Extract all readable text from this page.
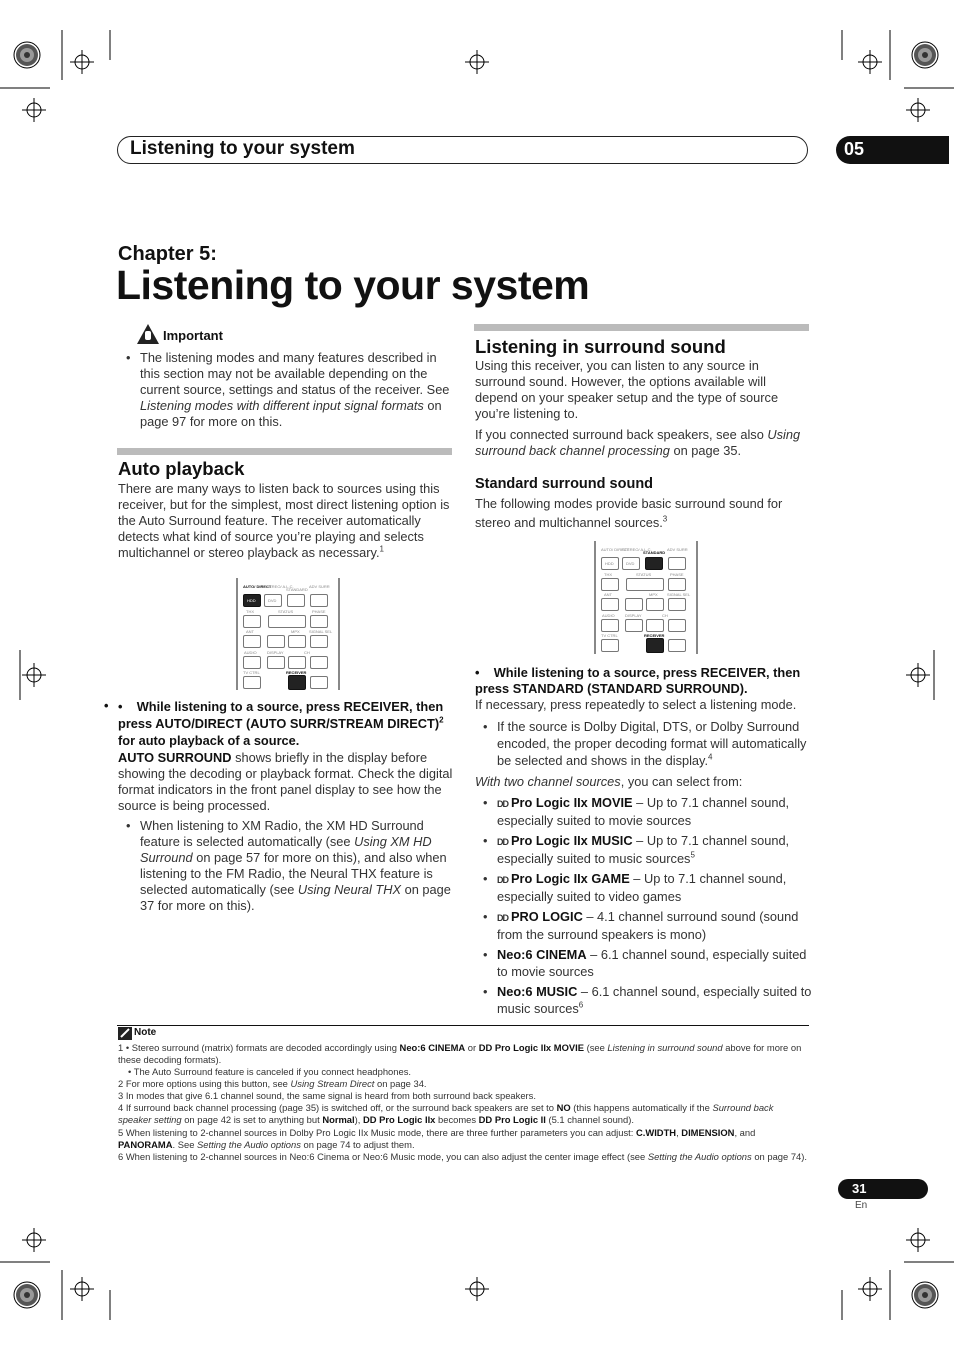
Listening to your system	05
Chapter 5:
Listening to your system
Important
• The listening modes and many features described in this section may not be available depending on the current source, settings and status of the receiver. See Listening modes with different input signal formats on page 97 for more on this.
Auto playback
There are many ways to listen back to sources using this receiver, but for the simplest, most direct listening option is the Auto Surround feature. The receiver automatically detects what kind of source you’re playing and selects multichannel or stereo playback as necessary.$^1$
AUTO/ DIRECT
STEREO/ A.L.C.
STANDARD
ADV SURR
HDD	DVD
THX	STATUS	PHASE
ANT	MPX SIGNAL SEL
AUDIO	DISPLAY	CH
TV CTRL	RECEIVER
•
•    While listening to a source, press RECEIVER, then press AUTO/DIRECT (AUTO SURR/STREAM DIRECT)$^2$ for auto playback of a source.
AUTO SURROUND shows briefly in the display before showing the decoding or playback format. Check the digital format indicators in the front panel display to see how the source is being processed.
• When listening to XM Radio, the XM HD Surround feature is selected automatically (see Using XM HD Surround on page 57 for more on this), and also when listening to the FM Radio, the Neural THX feature is selected automatically (see Using Neural THX on page 37 for more on this).
Listening in surround sound
Using this receiver, you can listen to any source in surround sound. However, the options available will depend on your speaker setup and the type of source you’re listening to.
If you connected surround back speakers, see also Using surround back channel processing on page 35.
Standard surround sound
The following modes provide basic surround sound for stereo and multichannel sources.$^3$
AUTO/ DIRECT
STEREO/ A.L.C.
STANDARD
ADV SURR
HDD	DVD
THX	STATUS	PHASE
ANT	MPX SIGNAL SEL
AUDIO	DISPLAY	CH
TV CTRL	RECEIVER
•    While listening to a source, press RECEIVER, then press STANDARD (STANDARD SURROUND).
If necessary, press repeatedly to select a listening mode.
• If the source is Dolby Digital, DTS, or Dolby Surround encoded, the proper decoding format will automatically be selected and shows in the display.$^4$
With two channel sources, you can select from:
• DD Pro Logic IIx MOVIE – Up to 7.1 channel sound, especially suited to movie sources
• DD Pro Logic IIx MUSIC – Up to 7.1 channel sound, especially suited to music sources$^5$
• DD Pro Logic IIx GAME – Up to 7.1 channel sound, especially suited to video games
• DD PRO LOGIC – 4.1 channel surround sound (sound from the surround speakers is mono)
• Neo:6 CINEMA – 6.1 channel sound, especially suited to movie sources
• Neo:6 MUSIC – 6.1 channel sound, especially suited to music sources$^6$
Note
1 • Stereo surround (matrix) formats are decoded accordingly using Neo:6 CINEMA or DD Pro Logic IIx MOVIE (see Listening in surround sound above for more on these decoding formats).
• The Auto Surround feature is canceled if you connect headphones.
2 For more options using this button, see Using Stream Direct on page 34.
3 In modes that give 6.1 channel sound, the same signal is heard from both surround back speakers.
4 If surround back channel processing (page 35) is switched off, or the surround back speakers are set to NO (this happens automatically if the Surround back speaker setting on page 42 is set to anything but Normal), DD Pro Logic IIx becomes DD Pro Logic II (5.1 channel sound).
5 When listening to 2-channel sources in Dolby Pro Logic IIx Music mode, there are three further parameters you can adjust: C.WIDTH, DIMENSION, and PANORAMA. See Setting the Audio options on page 74 to adjust them.
6 When listening to 2-channel sources in Neo:6 Cinema or Neo:6 Music mode, you can also adjust the center image effect (see Setting the Audio options on page 74).
31
En
